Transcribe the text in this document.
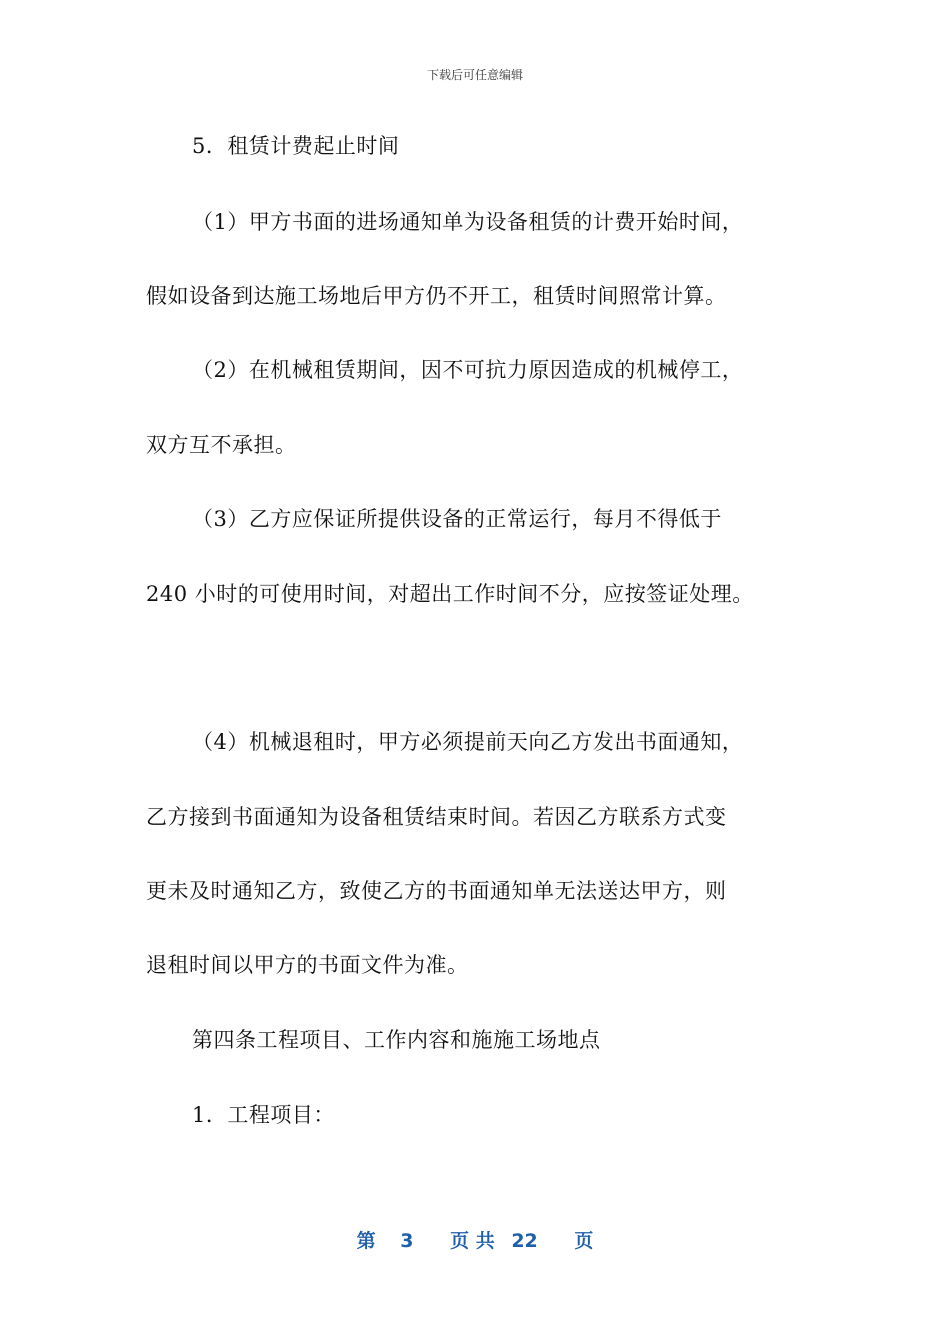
下载后可任意编辑
5．租赁计费起止时间
（1）甲方书面的进场通知单为设备租赁的计费开始时间，
假如设备到达施工场地后甲方仍不开工，租赁时间照常计算。
（2）在机械租赁期间，因不可抗力原因造成的机械停工，
双方互不承担。
（3）乙方应保证所提供设备的正常运行，每月不得低于
240 小时的可使用时间，对超出工作时间不分，应按签证处理。
（4）机械退租时，甲方必须提前天向乙方发出书面通知，
乙方接到书面通知为设备租赁结束时间。若因乙方联系方式变
更未及时通知乙方，致使乙方的书面通知单无法送达甲方，则
退租时间以甲方的书面文件为准。
第四条工程项目、工作内容和施施工场地点
1．工程项目：
第 3 页 共 22 页
